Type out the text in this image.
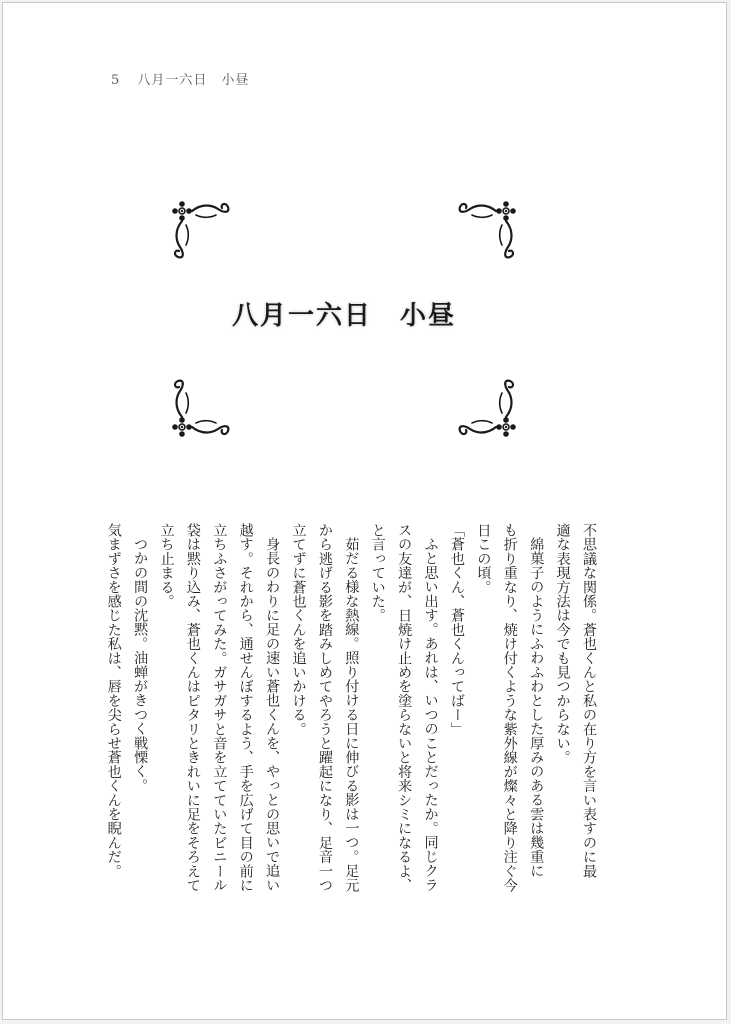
5 八月一六日　小昼
八月一六日　小昼

不思議な関係。蒼也くんと私の在り方を言い表すのに最

適な表現方法は今でも見つからない。

綿菓子のようにふわふわとした厚みのある雲は幾重に

も折り重なり、焼け付くような紫外線が燦々と降り注ぐ今

日この頃。

「蒼也くん、蒼也くんってばー」

ふと思い出す。あれは、いつのことだったか。同じクラ

スの友達が、日焼け止めを塗らないと将来シミになるよ、

と言っていた。

茹だる様な熱線。照り付ける日に伸びる影は一つ。足元

から逃げる影を踏みしめてやろうと躍起になり、足音一つ

立てずに蒼也くんを追いかける。

身長のわりに足の速い蒼也くんを、やっとの思いで追い

越す。それから、通せんぼするよう、手を広げて目の前に

立ちふさがってみた。ガサガサと音を立てていたビニール

袋は黙り込み、蒼也くんはピタリときれいに足をそろえて

立ち止まる。

つかの間の沈黙。油蝉がきつく戦慄く。

気まずさを感じた私は、唇を尖らせ蒼也くんを睨んだ。
